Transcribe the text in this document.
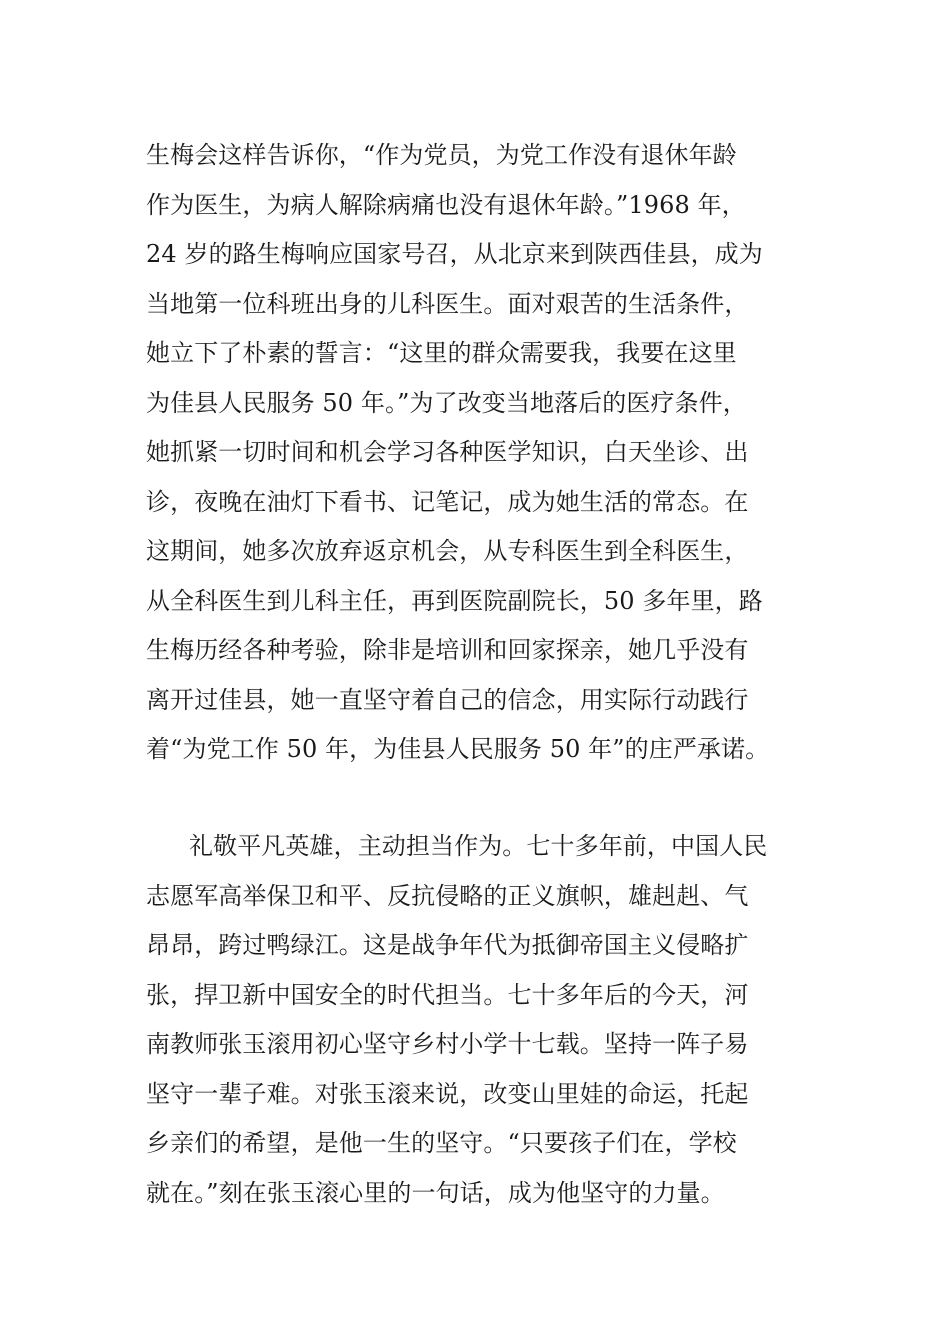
生梅会这样告诉你，“作为党员，为党工作没有退休年龄
作为医生，为病人解除病痛也没有退休年龄。”1968 年，
24 岁的路生梅响应国家号召，从北京来到陕西佳县，成为
当地第一位科班出身的儿科医生。面对艰苦的生活条件，
她立下了朴素的誓言：“这里的群众需要我，我要在这里
为佳县人民服务 50 年。”为了改变当地落后的医疗条件，
她抓紧一切时间和机会学习各种医学知识，白天坐诊、出
诊，夜晚在油灯下看书、记笔记，成为她生活的常态。在
这期间，她多次放弃返京机会，从专科医生到全科医生，
从全科医生到儿科主任，再到医院副院长，50 多年里，路
生梅历经各种考验，除非是培训和回家探亲，她几乎没有
离开过佳县，她一直坚守着自己的信念，用实际行动践行
着“为党工作 50 年，为佳县人民服务 50 年”的庄严承诺。
礼敬平凡英雄，主动担当作为。七十多年前，中国人民
志愿军高举保卫和平、反抗侵略的正义旗帜，雄赳赳、气
昂昂，跨过鸭绿江。这是战争年代为抵御帝国主义侵略扩
张，捍卫新中国安全的时代担当。七十多年后的今天，河
南教师张玉滚用初心坚守乡村小学十七载。坚持一阵子易
坚守一辈子难。对张玉滚来说，改变山里娃的命运，托起
乡亲们的希望，是他一生的坚守。“只要孩子们在，学校
就在。”刻在张玉滚心里的一句话，成为他坚守的力量。
